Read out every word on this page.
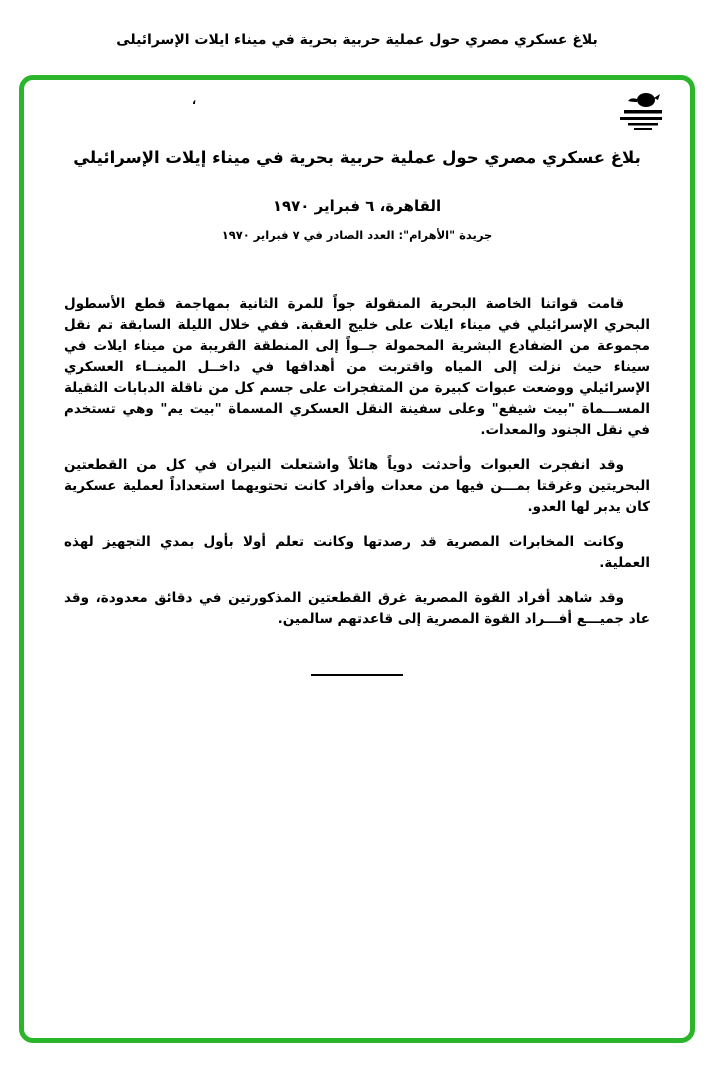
بلاغ عسكري مصري حول عملية حربية بحرية في ميناء ايلات الإسرائيلى
،
بلاغ عسكري مصري حول عملية حربية بحرية في ميناء إيلات الإسرائيلي
القاهرة، ٦ فبراير ١٩٧٠
جريدة "الأهرام": العدد الصادر في ٧ فبراير ١٩٧٠

قامت قواتنا الخاصة البحرية المنقولة جواً للمرة الثانية بمهاجمة قطع الأسطول البحري الإسرائيلي في ميناء ايلات على خليج العقبة. ففي خلال الليلة السابقة تم نقل مجموعة من الضفادع البشرية المحمولة جــواً إلى المنطقة القريبة من ميناء ايلات في سيناء حيث نزلت إلى المياه واقتربت من أهدافها في داخــل المينــاء العسكري الإسرائيلي ووضعت عبوات كبيرة من المتفجرات على جسم كل من ناقلة الدبابات الثقيلة المســـماة "بيت شيفع" وعلى سفينة النقل العسكري المسماة "بيت يم" وهي تستخدم في نقل الجنود والمعدات.

وقد انفجرت العبوات وأحدثت دوياً هائلاً واشتعلت النيران في كل من القطعتين البحريتين وغرقتا بمـــن فيها من معدات وأفراد كانت تحتويهما استعداداً لعملية عسكرية كان يدبر لها العدو.

وكانت المخابرات المصرية قد رصدتها وكانت تعلم أولا بأول بمدي التجهيز لهذه العملية.

وقد شاهد أفراد القوة المصرية غرق القطعتين المذكورتين في دقائق معدودة، وقد عاد جميـــع أفـــراد القوة المصرية إلى قاعدتهم سالمين.
